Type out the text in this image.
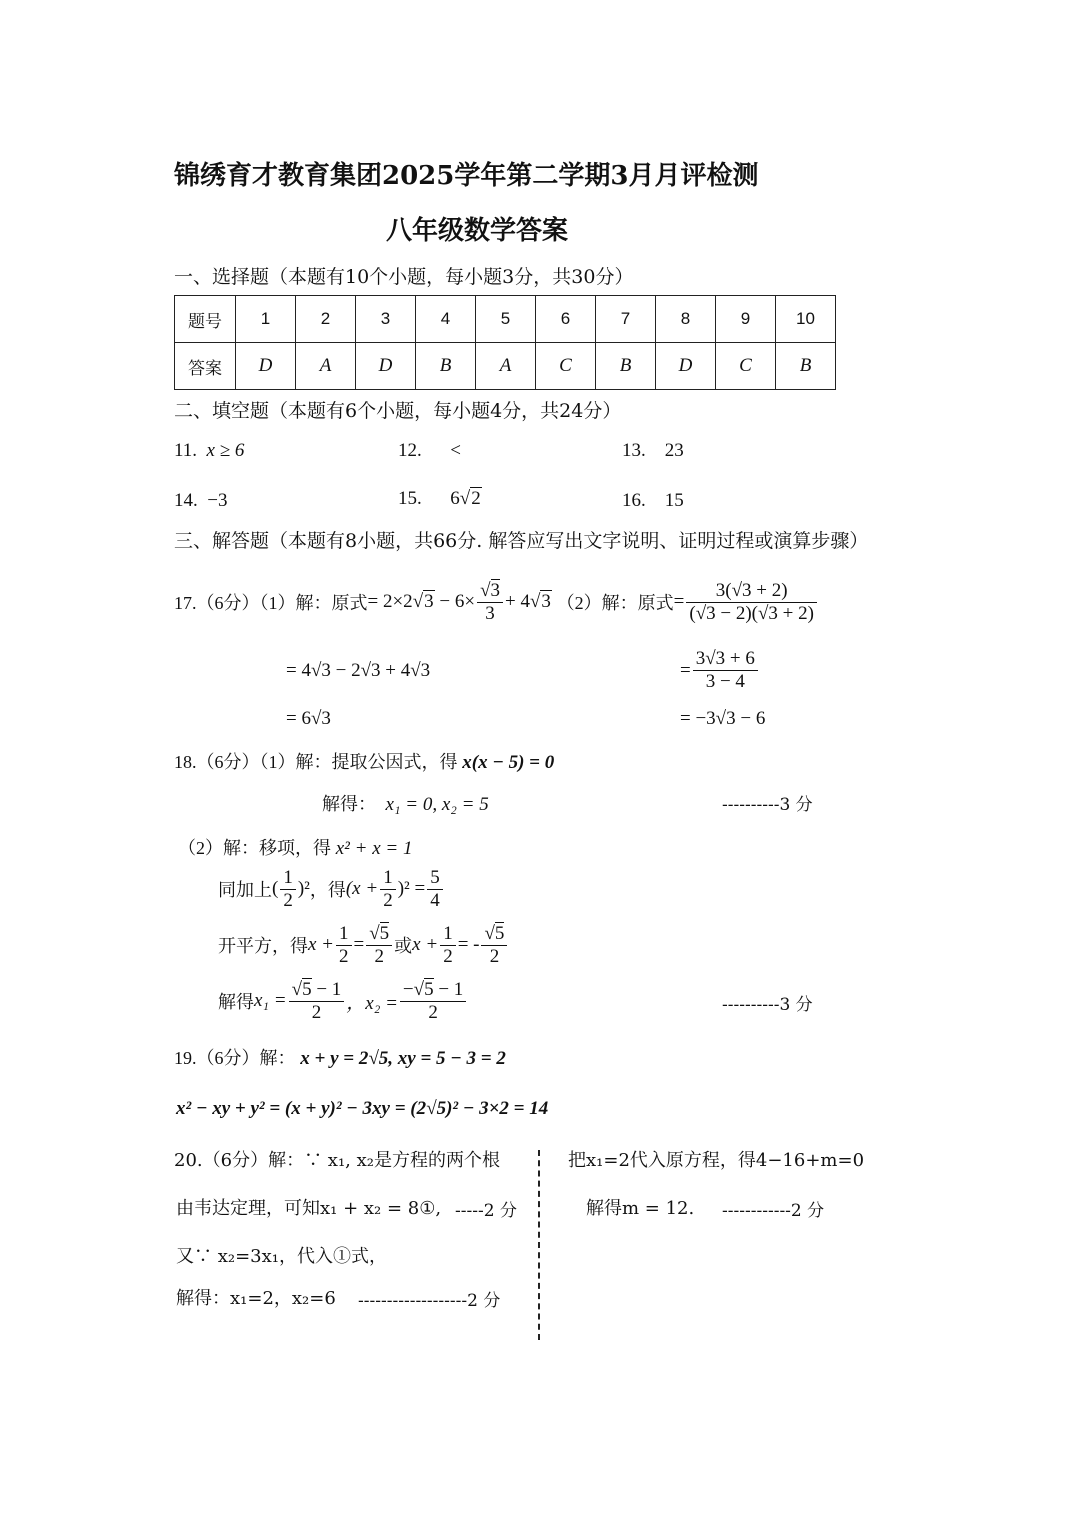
锦绣育才教育集团2025学年第二学期3月月评检测
八年级数学答案
一、选择题（本题有10个小题，每小题3分，共30分）
题号	1	2	3	4	5	6	7	8	9	10
答案	D	A	D	B	A	C	B	D	C	B
二、填空题（本题有6个小题，每小题4分，共24分）
11. x ≥ 6	12. <	13. 23
14. −3	15. 6√2	16. 15
三、解答题（本题有8小题，共66分. 解答应写出文字说明、证明过程或演算步骤）
17.（6分）（1）解：原式 = 2×2 √3
− $6\times \frac{√3}{3} + 4$ √3
（2）解：原式 = $\frac{3(√3 + 2)}{(√3 - 2)(√3 + 2)}$
= 4√3 − 2√3 + 4√3
= 6√3
= $\frac{3√3 + 6}{3 - 4}$
= −3√3 − 6
18.（6分）（1）解：提取公因式，得 x(x − 5) = 0
解得： x₁ = 0, x₂ = 5	----------3 分
（2）解：移项，得 x² + x = 1
同加上 ( $\frac{1}{2} )^2$ ，得 $(x + \frac{1}{2} )^2 = \frac{5}{4}$
开平方，得 $x + \frac{1}{2} = \frac{√5}{2}$ 或 $x + \frac{1}{2}$ = - $\frac{√5}{2}$
解得 $x_1 = \frac{√5 - 1}{2}$ ，$x_2 = \frac{-√5 - 1}{2}$	----------3 分
19.（6分）解： x + y = 2√5, xy = 5 − 3 = 2
x² − xy + y² = (x + y)² − 3xy = (2√5)² − 3×2 = 14
20.（6分）解：∵ x₁, x₂是方程的两个根
由韦达定理，可知x₁ + x₂ = 8①, -----2 分
又∵ x₂=3x₁，代入①式，
解得：x₁=2，x₂=6 -------------------2 分
把x₁=2代入原方程，得4−16+m=0
解得m = 12. ------------2 分
